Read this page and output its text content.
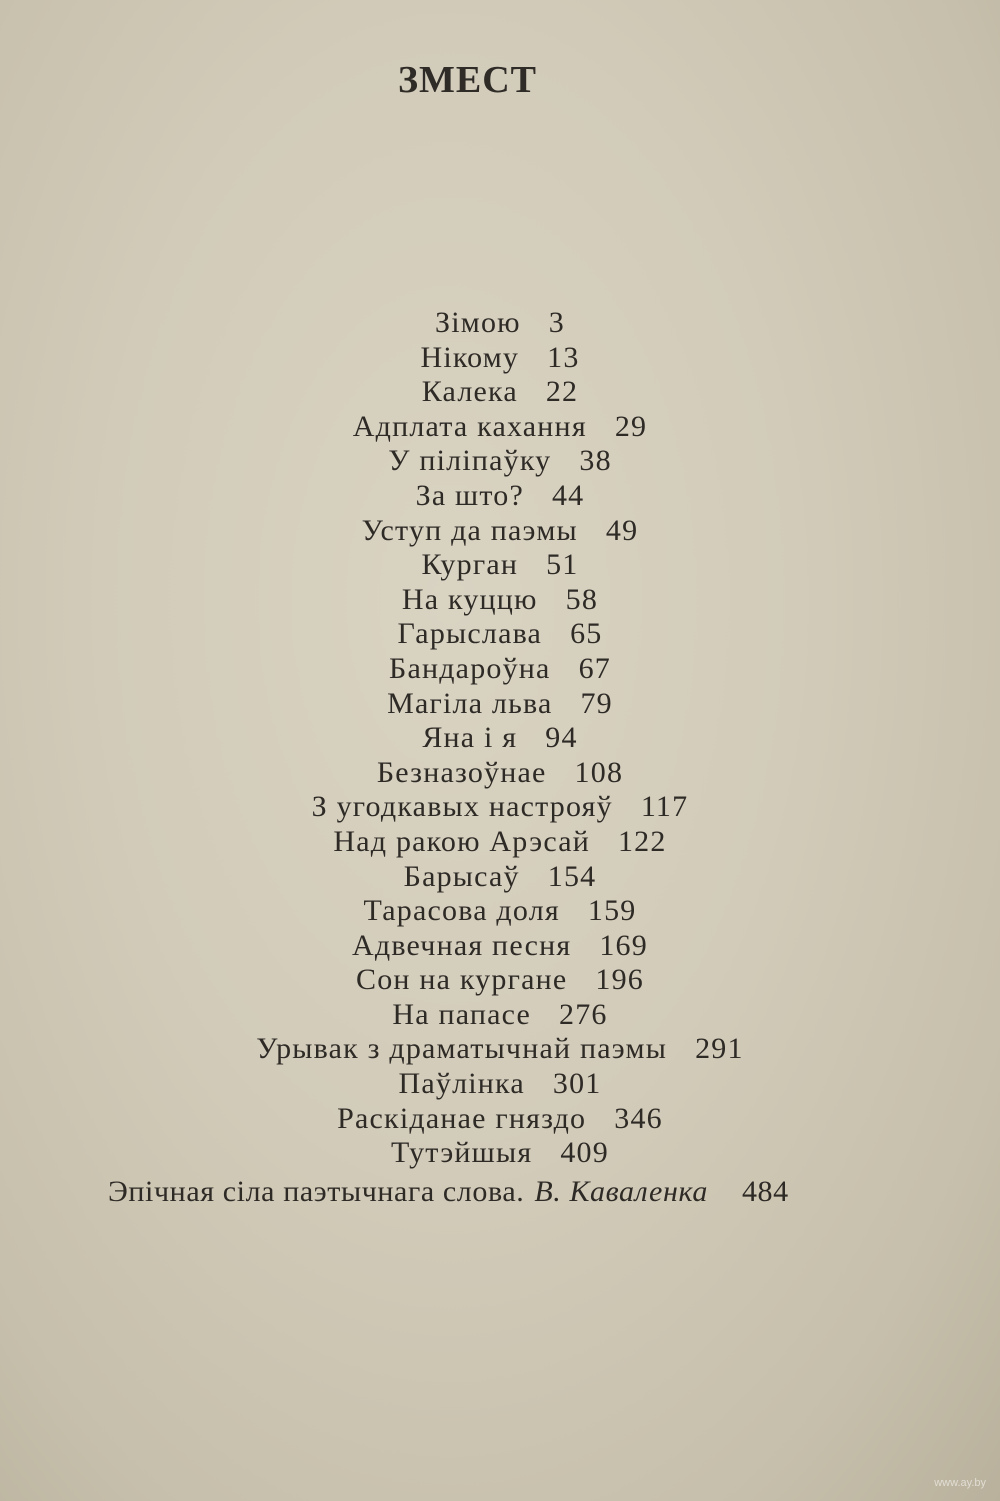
ЗМЕСТ
Зімою 3
Нікому 13
Калека 22
Адплата кахання 29
У піліпаўку 38
За што? 44
Уступ да паэмы 49
Курган 51
На куццю 58
Гарыслава 65
Бандароўна 67
Магіла льва 79
Яна і я 94
Безназоўнае 108
З угодкавых настрояў 117
Над ракою Арэсай 122
Барысаў 154
Тарасова доля 159
Адвечная песня 169
Сон на кургане 196
На папасе 276
Урывак з драматычнай паэмы 291
Паўлінка 301
Раскіданае гняздо 346
Тутэйшыя 409
Эпічная сіла паэтычнага слова. В. Каваленка 484
www.ay.by
